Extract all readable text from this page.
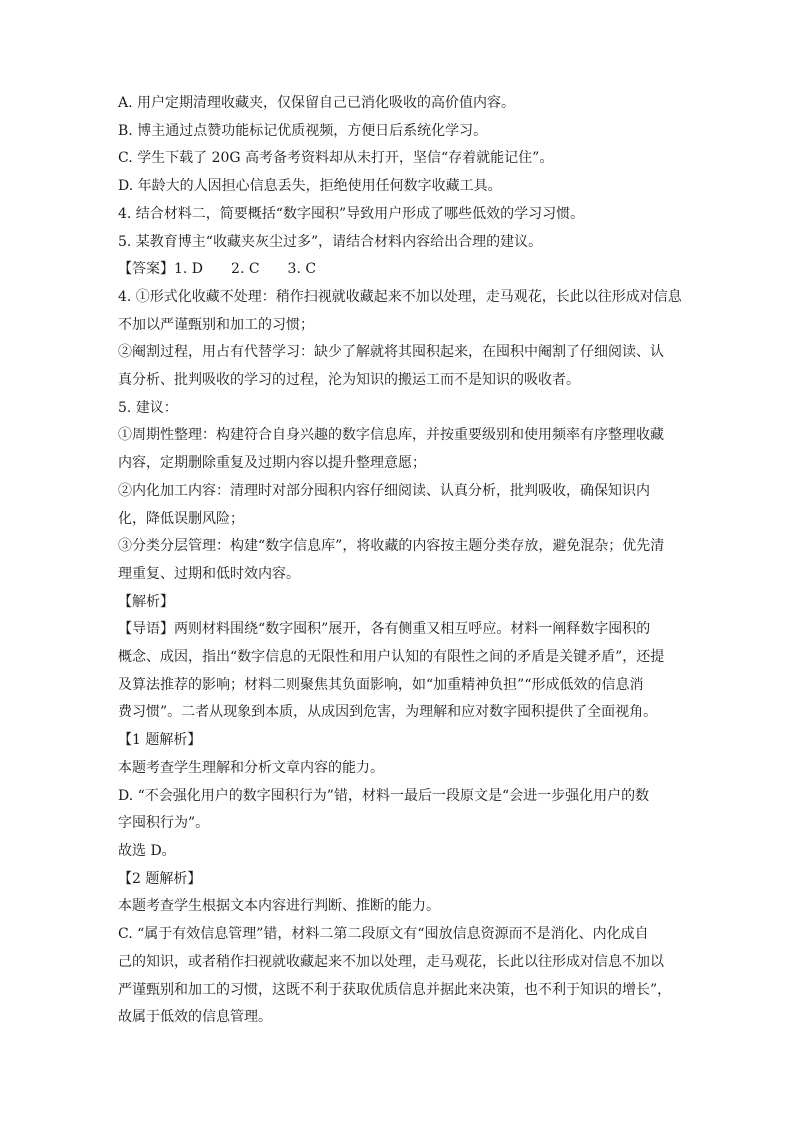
A. 用户定期清理收藏夹，仅保留自己已消化吸收的高价值内容。

B. 博主通过点赞功能标记优质视频，方便日后系统化学习。

C. 学生下载了 20G 高考备考资料却从未打开，坚信“存着就能记住”。

D. 年龄大的人因担心信息丢失，拒绝使用任何数字收藏工具。

4. 结合材料二，简要概括“数字囤积”导致用户形成了哪些低效的学习习惯。

5. 某教育博主“收藏夹灰尘过多”，请结合材料内容给出合理的建议。

【答案】1. D　　2. C　　3. C

4. ①形式化收藏不处理：稍作扫视就收藏起来不加以处理，走马观花，长此以往形成对信息

不加以严谨甄别和加工的习惯；

②阉割过程，用占有代替学习：缺少了解就将其囤积起来，在囤积中阉割了仔细阅读、认

真分析、批判吸收的学习的过程，沦为知识的搬运工而不是知识的吸收者。

5. 建议：

①周期性整理：构建符合自身兴趣的数字信息库，并按重要级别和使用频率有序整理收藏

内容，定期删除重复及过期内容以提升整理意愿；

②内化加工内容：清理时对部分囤积内容仔细阅读、认真分析，批判吸收，确保知识内

化，降低误删风险；

③分类分层管理：构建“数字信息库”，将收藏的内容按主题分类存放，避免混杂；优先清

理重复、过期和低时效内容。

【解析】

【导语】两则材料围绕“数字囤积”展开，各有侧重又相互呼应。材料一阐释数字囤积的

概念、成因，指出“数字信息的无限性和用户认知的有限性之间的矛盾是关键矛盾”，还提

及算法推荐的影响；材料二则聚焦其负面影响，如“加重精神负担”“形成低效的信息消

费习惯”。二者从现象到本质，从成因到危害，为理解和应对数字囤积提供了全面视角。

【1 题解析】

本题考查学生理解和分析文章内容的能力。

D. “不会强化用户的数字囤积行为”错，材料一最后一段原文是“会进一步强化用户的数

字囤积行为”。

故选 D。

【2 题解析】

本题考查学生根据文本内容进行判断、推断的能力。

C. “属于有效信息管理”错，材料二第二段原文有“囤放信息资源而不是消化、内化成自

己的知识，或者稍作扫视就收藏起来不加以处理，走马观花，长此以往形成对信息不加以

严谨甄别和加工的习惯，这既不利于获取优质信息并据此来决策，也不利于知识的增长”，

故属于低效的信息管理。
